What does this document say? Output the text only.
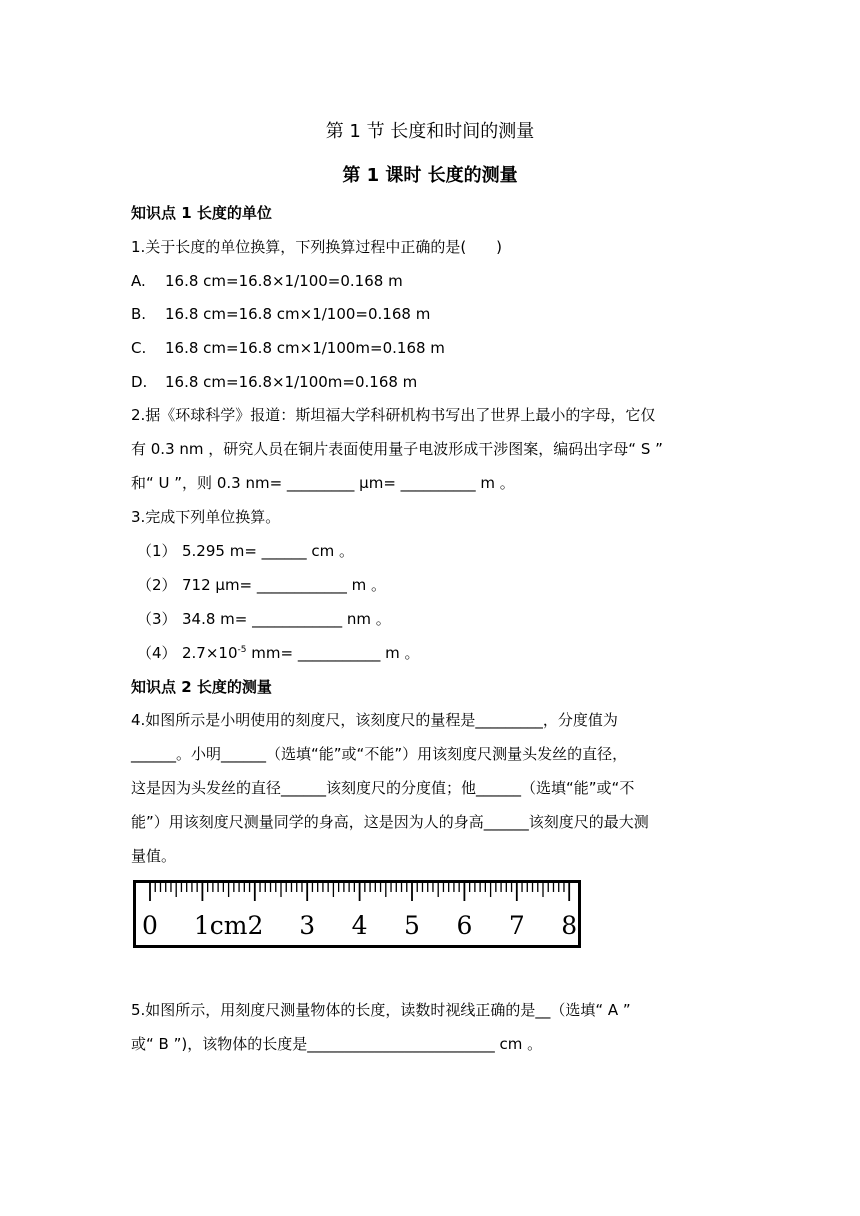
第 1 节 长度和时间的测量
第 1 课时 长度的测量
知识点 1 长度的单位
1.关于长度的单位换算，下列换算过程中正确的是(　　)
A. 16.8 cm=16.8×1/100=0.168 m
B. 16.8 cm=16.8 cm×1/100=0.168 m
C. 16.8 cm=16.8 cm×1/100m=0.168 m
D. 16.8 cm=16.8×1/100m=0.168 m
2.据《环球科学》报道：斯坦福大学科研机构书写出了世界上最小的字母，它仅
有 0.3 nm ，研究人员在铜片表面使用量子电波形成干涉图案，编码出字母“ S ”
和“ U ”，则 0.3 nm= _________ μm= __________ m 。
3.完成下列单位换算。
（1） 5.295 m= ______ cm 。
（2） 712 μm= ____________ m 。
（3） 34.8 m= ____________ nm 。
（4） $2.7\times 10^{-5}$ mm= ___________ m 。
知识点 2 长度的测量
4.如图所示是小明使用的刻度尺，该刻度尺的量程是_________，分度值为
______。小明______（选填“能”或“不能”）用该刻度尺测量头发丝的直径，
这是因为头发丝的直径______该刻度尺的分度值；他______（选填“能”或“不
能”）用该刻度尺测量同学的身高，这是因为人的身高______该刻度尺的最大测
量值。
0 1cm2 3 4 5 6 7 8
5.如图所示，用刻度尺测量物体的长度，读数时视线正确的是__（选填“ A ”
或“ B ”)，该物体的长度是_________________________ cm 。
